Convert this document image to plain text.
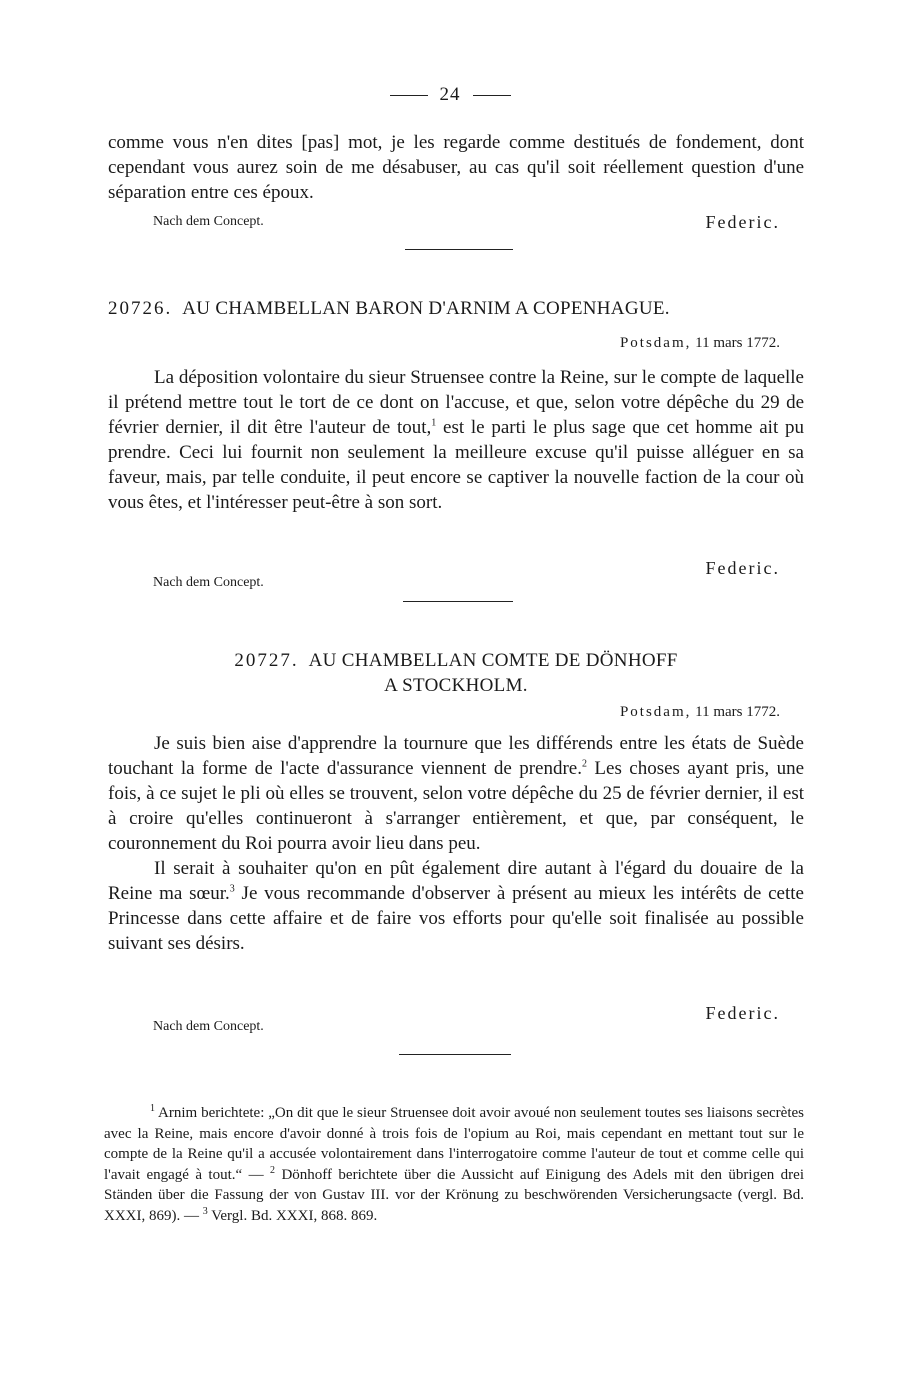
24

comme vous n'en dites [pas] mot, je les regarde comme destitués de fondement, dont cependant vous aurez soin de me désabuser, au cas qu'il soit réellement question d'une séparation entre ces époux.

Nach dem Concept.	Federic.
20726. AU CHAMBELLAN BARON D'ARNIM A COPENHAGUE.
Potsdam, 11 mars 1772.

La déposition volontaire du sieur Struensee contre la Reine, sur le compte de laquelle il prétend mettre tout le tort de ce dont on l'accuse, et que, selon votre dépêche du 29 de février dernier, il dit être l'auteur de tout,$^1$ est le parti le plus sage que cet homme ait pu prendre. Ceci lui fournit non seulement la meilleure excuse qu'il puisse alléguer en sa faveur, mais, par telle conduite, il peut encore se captiver la nouvelle faction de la cour où vous êtes, et l'intéresser peut-être à son sort.

Nach dem Concept.
Federic.
20727. AU CHAMBELLAN COMTE DE DÖNHOFF
A STOCKHOLM.
Potsdam, 11 mars 1772.

Je suis bien aise d'apprendre la tournure que les différends entre les états de Suède touchant la forme de l'acte d'assurance viennent de prendre.$^2$ Les choses ayant pris, une fois, à ce sujet le pli où elles se trouvent, selon votre dépêche du 25 de février dernier, il est à croire qu'elles continueront à s'arranger entièrement, et que, par conséquent, le couronnement du Roi pourra avoir lieu dans peu.

Il serait à souhaiter qu'on en pût également dire autant à l'égard du douaire de la Reine ma sœur.$^3$ Je vous recommande d'observer à présent au mieux les intérêts de cette Princesse dans cette affaire et de faire vos efforts pour qu'elle soit finalisée au possible suivant ses désirs.

Nach dem Concept.
Federic.

$^1$ Arnim berichtete: „On dit que le sieur Struensee doit avoir avoué non seulement toutes ses liaisons secrètes avec la Reine, mais encore d'avoir donné à trois fois de l'opium au Roi, mais cependant en mettant tout sur le compte de la Reine qu'il a accusée volontairement dans l'interrogatoire comme l'auteur de tout et comme celle qui l'avait engagé à tout.“ — $^2$ Dönhoff berichtete über die Aussicht auf Einigung des Adels mit den übrigen drei Ständen über die Fassung der von Gustav III. vor der Krönung zu beschwörenden Versicherungsacte (vergl. Bd. XXXI, 869). — $^3$ Vergl. Bd. XXXI, 868. 869.
